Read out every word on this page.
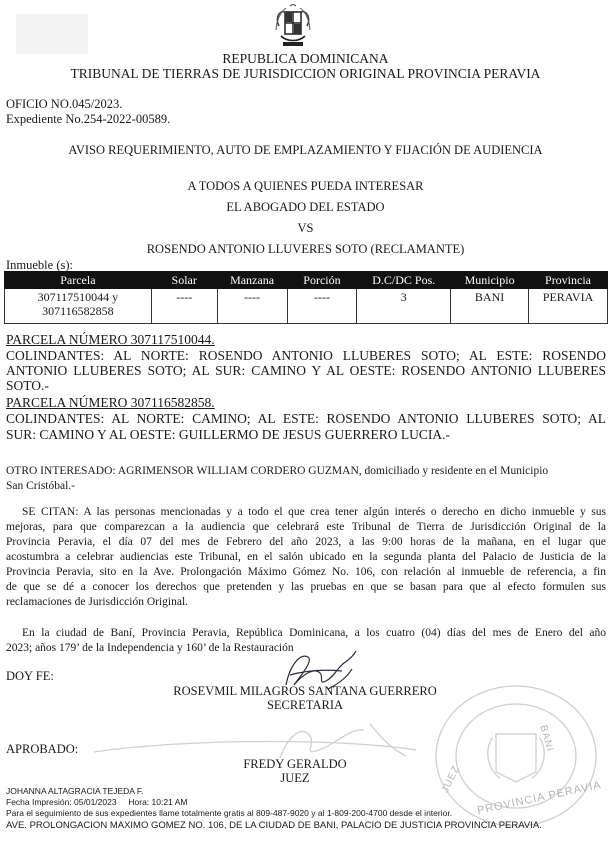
REPUBLICA DOMINICANA
TRIBUNAL DE TIERRAS DE JURISDICCION ORIGINAL PROVINCIA PERAVIA
OFICIO NO.045/2023.
Expediente No.254-2022-00589.
AVISO REQUERIMIENTO, AUTO DE EMPLAZAMIENTO Y FIJACIÓN DE AUDIENCIA
A TODOS A QUIENES PUEDA INTERESAR
EL ABOGADO DEL ESTADO
VS
ROSENDO ANTONIO LLUVERES SOTO (RECLAMANTE)
Inmueble (s):
Parcela	Solar	Manzana	Porción	D.C/DC Pos.	Municipio	Provincia
307117510044 y 307116582858	----	----	----	3	BANI	PERAVIA
PARCELA NÚMERO 307117510044.
COLINDANTES: AL NORTE: ROSENDO ANTONIO LLUBERES SOTO; AL ESTE: ROSENDO
ANTONIO LLUBERES SOTO; AL SUR: CAMINO Y AL OESTE: ROSENDO ANTONIO LLUBERES
SOTO.-
PARCELA NÚMERO 307116582858.
COLINDANTES: AL NORTE: CAMINO; AL ESTE: ROSENDO ANTONIO LLUBERES SOTO; AL
SUR: CAMINO Y AL OESTE: GUILLERMO DE JESUS GUERRERO LUCIA.-
OTRO INTERESADO: AGRIMENSOR WILLIAM CORDERO GUZMAN, domiciliado y residente en el Municipio
San Cristóbal.-
SE CITAN: A las personas mencionadas y a todo el que crea tener algún interés o derecho en dicho inmueble y sus
mejoras, para que comparezcan a la audiencia que celebrará este Tribunal de Tierra de Jurisdicción Original de la
Provincia Peravia, el día 07 del mes de Febrero del año 2023, a las 9:00 horas de la mañana, en el lugar que
acostumbra a celebrar audiencias este Tribunal, en el salón ubicado en la segunda planta del Palacio de Justicia de la
Provincia Peravia, sito en la Ave. Prolongación Máximo Gómez No. 106, con relación al inmueble de referencia, a fin
de que se dé a conocer los derechos que pretenden y las pruebas en que se basan para que al efecto formulen sus
reclamaciones de Jurisdicción Original.
En la ciudad de Baní, Provincia Peravia, República Dominicana, a los cuatro (04) días del mes de Enero del año
2023; años 179’ de la Independencia y 160’ de la Restauración
DOY FE:
ROSEVMIL MILAGROS SANTANA GUERRERO
SECRETARIA
APROBADO:	BANI
PROVINCIA PERAVIA
JUEZ
FREDY GERALDO
JUEZ
JOHANNA ALTAGRACIA TEJEDA F.
Fecha Impresión: 05/01/2023     Hora: 10:21 AM
Para el seguimiento de sus expedientes llame totalmente gratis al 809-487-9020 y al 1-809-200-4700 desde el interior.
AVE. PROLONGACION MAXIMO GOMEZ NO. 106, DE LA CIUDAD DE BANI, PALACIO DE JUSTICIA PROVINCIA PERAVIA.
